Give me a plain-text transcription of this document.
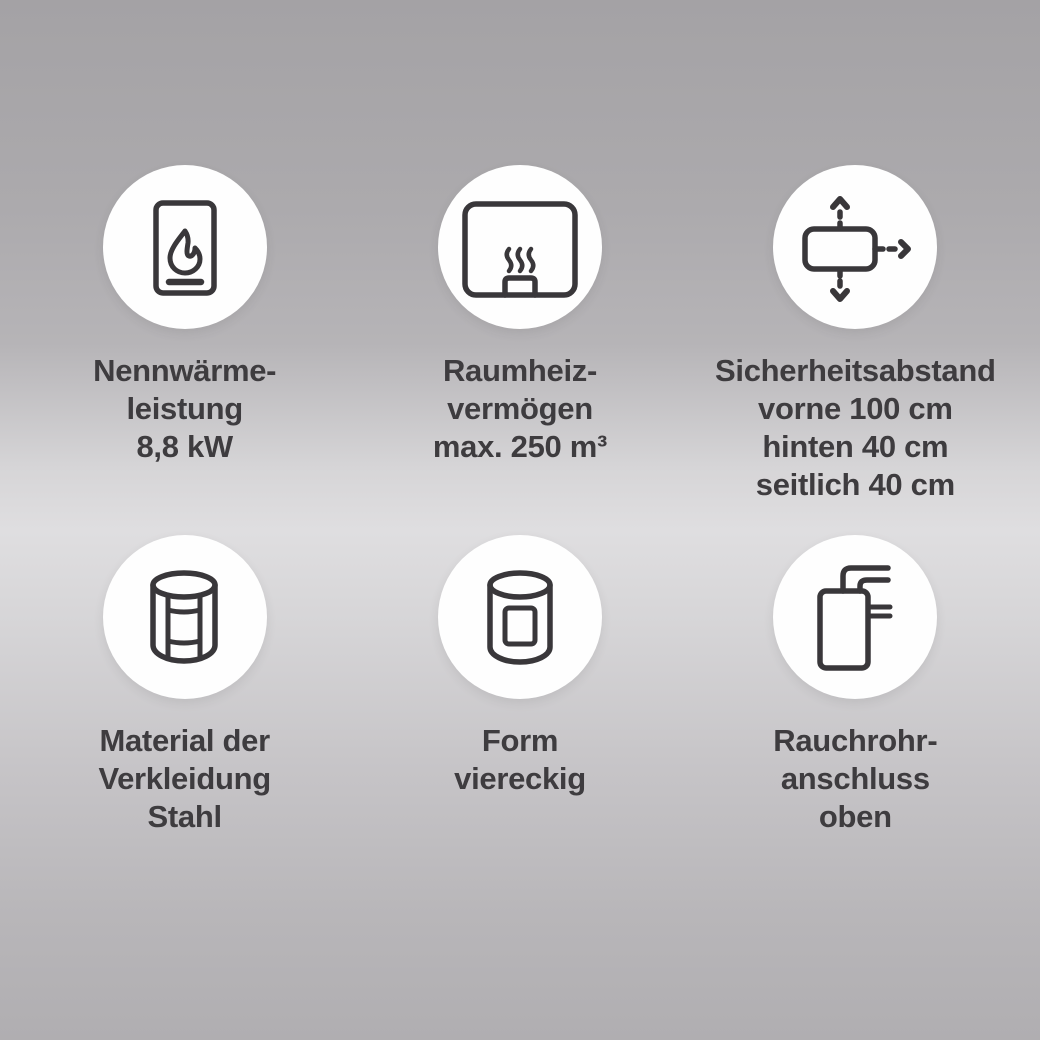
Nennwärme-
leistung
8,8 kW
Raumheiz-
vermögen
max. 250 m³
Sicherheitsabstand
vorne 100 cm
hinten 40 cm
seitlich 40 cm
Material der
Verkleidung
Stahl
Form
viereckig
Rauchrohr-
anschluss
oben
